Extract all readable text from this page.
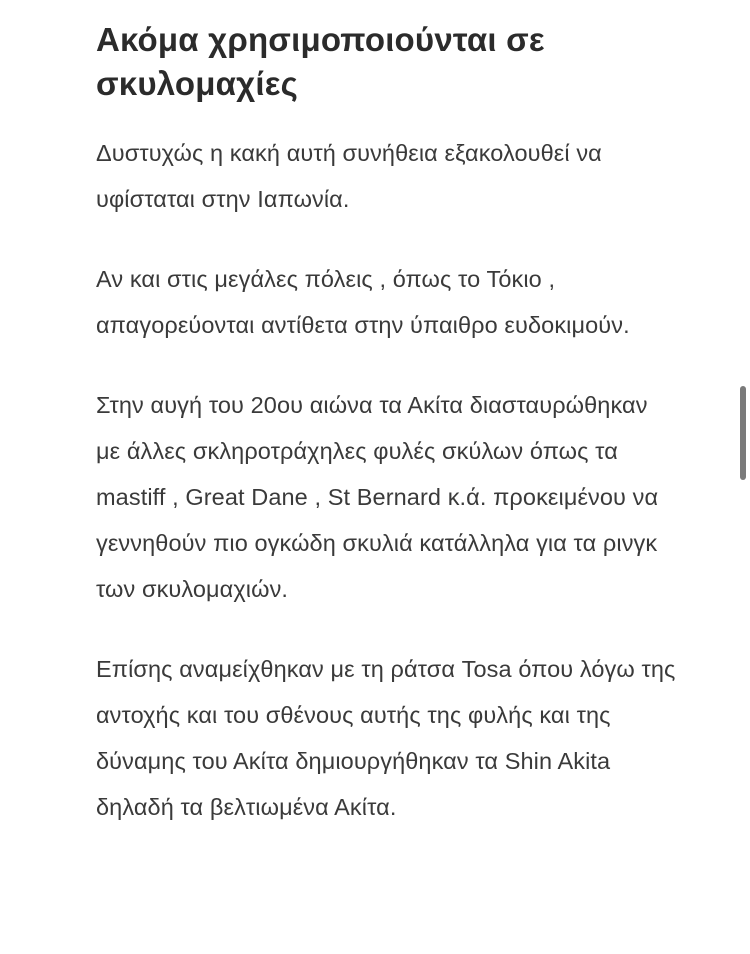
Ακόμα χρησιμοποιούνται σε σκυλομαχίες

Δυστυχώς η κακή αυτή συνήθεια εξακολουθεί να υφίσταται στην Ιαπωνία.

Αν και στις μεγάλες πόλεις , όπως το Τόκιο , απαγορεύονται αντίθετα στην ύπαιθρο ευδοκιμούν.

Στην αυγή του 20ου αιώνα τα Ακίτα διασταυρώθηκαν με άλλες σκληροτράχηλες φυλές σκύλων όπως τα mastiff , Great Dane , St Bernard κ.ά. προκειμένου να γεννηθούν πιο ογκώδη σκυλιά κατάλληλα για τα ρινγκ των σκυλομαχιών.

Επίσης αναμείχθηκαν με τη ράτσα Tosa όπου λόγω της αντοχής και του σθένους αυτής της φυλής και της δύναμης του Ακίτα δημιουργήθηκαν τα Shin Akita δηλαδή τα βελτιωμένα Ακίτα.
